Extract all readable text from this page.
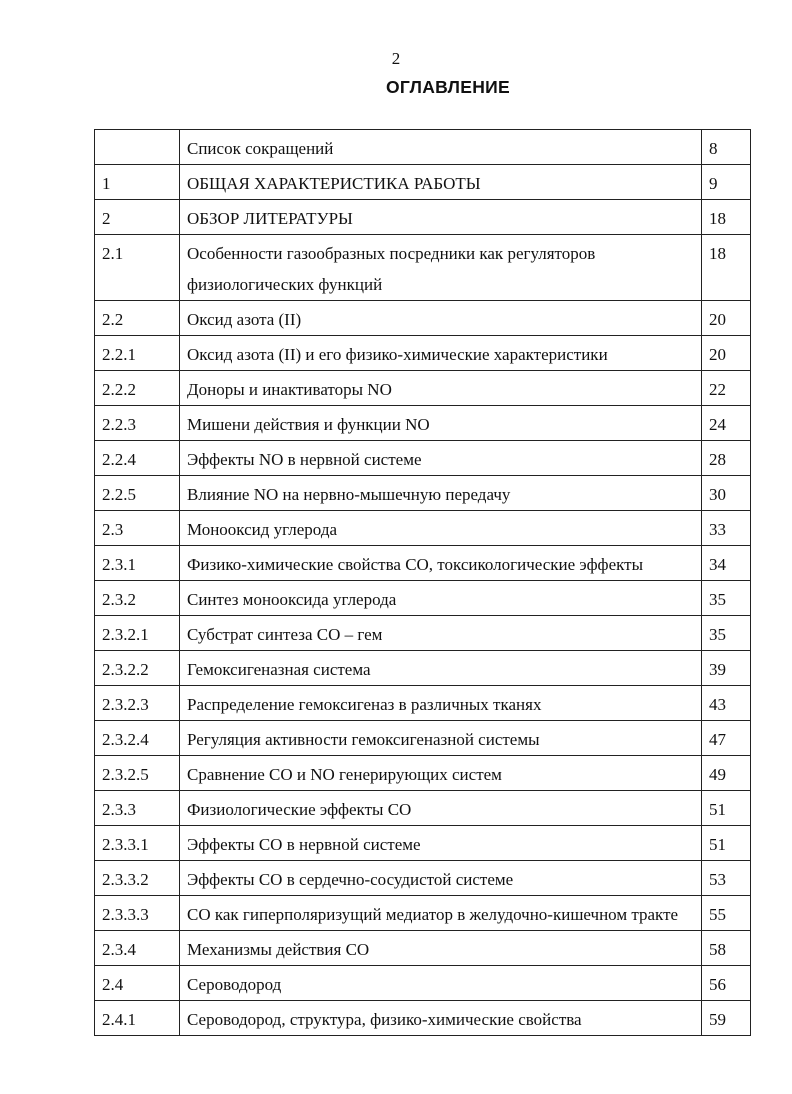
2
ОГЛАВЛЕНИЕ
	Список сокращений	8
1	ОБЩАЯ ХАРАКТЕРИСТИКА РАБОТЫ	9
2	ОБЗОР ЛИТЕРАТУРЫ	18
2.1	Особенности газообразных посредники как регуляторов физиологических функций	18
2.2	Оксид азота (II)	20
2.2.1	Оксид азота (II) и его физико-химические характеристики	20
2.2.2	Доноры и инактиваторы NO	22
2.2.3	Мишени действия и функции NO	24
2.2.4	Эффекты NO в нервной системе	28
2.2.5	Влияние NO на нервно-мышечную передачу	30
2.3	Монооксид углерода	33
2.3.1	Физико-химические свойства СО, токсикологические эффекты	34
2.3.2	Синтез монооксида углерода	35
2.3.2.1	Субстрат синтеза СО – гем	35
2.3.2.2	Гемоксигеназная система	39
2.3.2.3	Распределение гемоксигеназ в различных тканях	43
2.3.2.4	Регуляция активности гемоксигеназной системы	47
2.3.2.5	Сравнение СО и NO генерирующих систем	49
2.3.3	Физиологические эффекты СО	51
2.3.3.1	Эффекты СО в нервной системе	51
2.3.3.2	Эффекты СО в сердечно-сосудистой системе	53
2.3.3.3	СО как гиперполяризущий медиатор в желудочно-кишечном тракте	55
2.3.4	Механизмы действия СО	58
2.4	Сероводород	56
2.4.1	Сероводород, структура, физико-химические свойства	59
